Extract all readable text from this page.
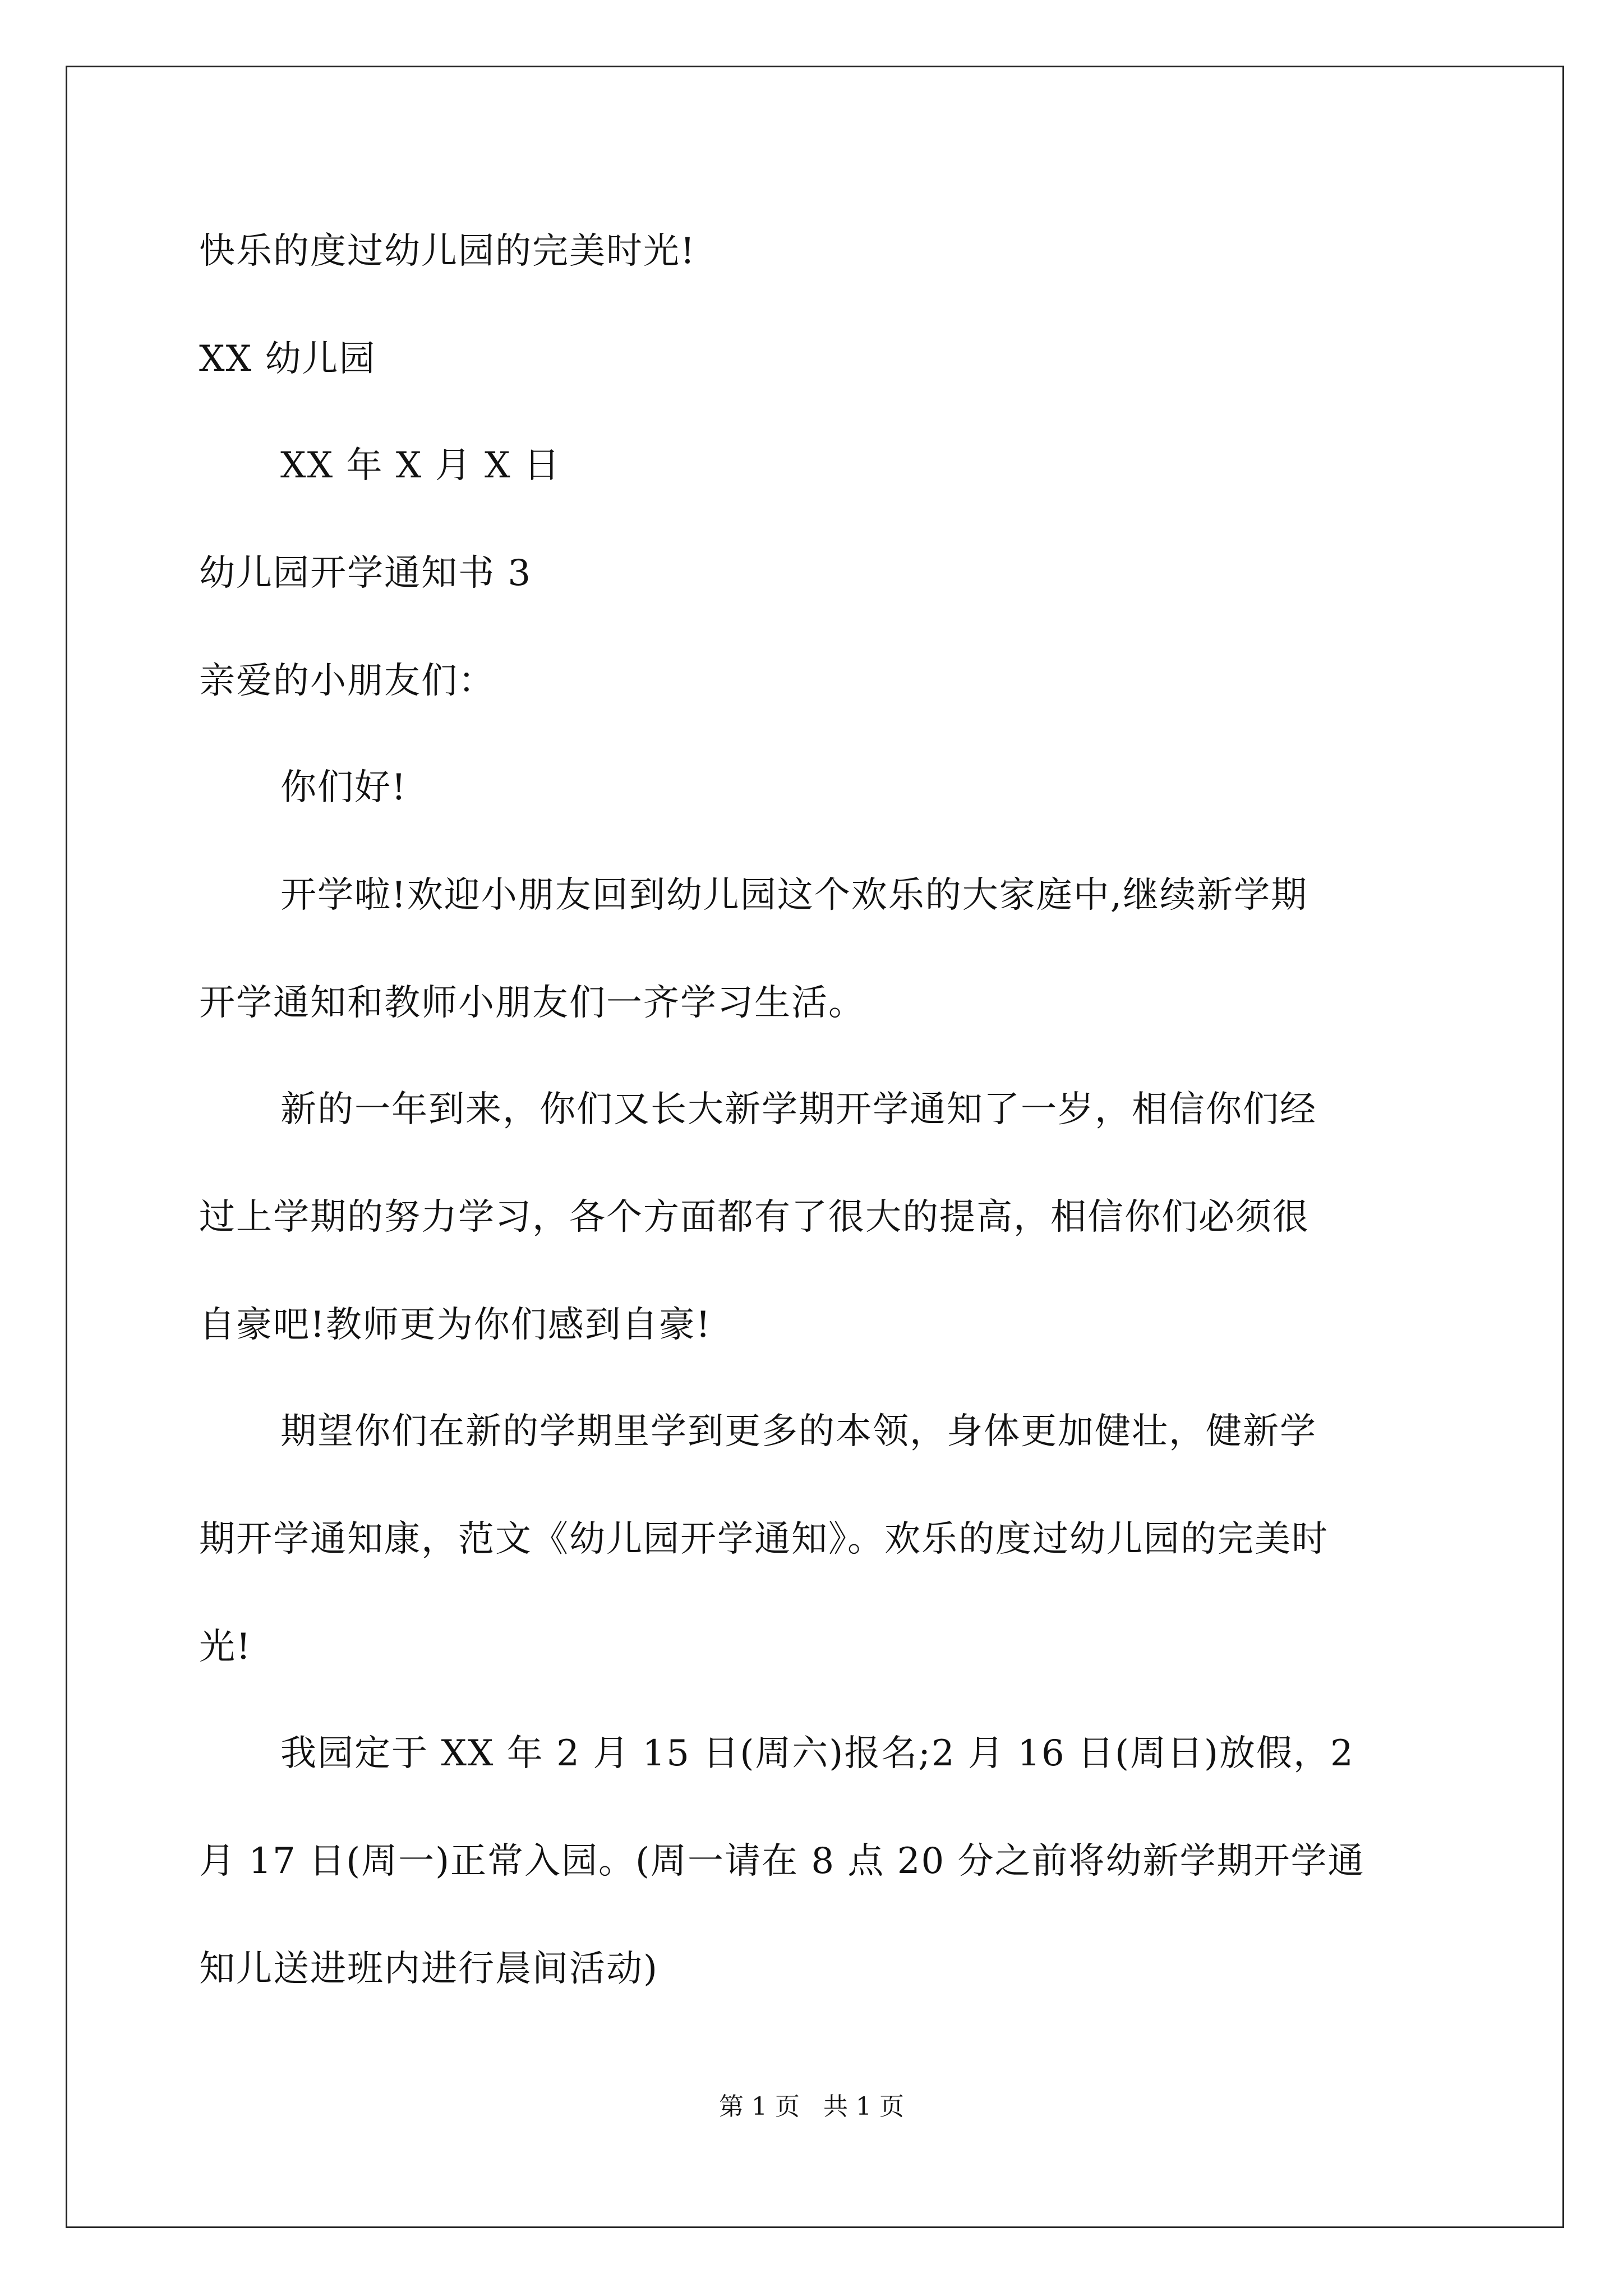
快乐的度过幼儿园的完美时光!
XX 幼儿园
XX 年 X 月 X 日
幼儿园开学通知书 3
亲爱的小朋友们：
你们好!
开学啦!欢迎小朋友回到幼儿园这个欢乐的大家庭中,继续新学期
开学通知和教师小朋友们一齐学习生活。
新的一年到来，你们又长大新学期开学通知了一岁，相信你们经
过上学期的努力学习，各个方面都有了很大的提高，相信你们必须很
自豪吧!教师更为你们感到自豪!
期望你们在新的学期里学到更多的本领，身体更加健壮，健新学
期开学通知康，范文《幼儿园开学通知》。欢乐的度过幼儿园的完美时
光!
我园定于 XX 年 2 月 15 日(周六)报名;2 月 16 日(周日)放假，2
月 17 日(周一)正常入园。(周一请在 8 点 20 分之前将幼新学期开学通
知儿送进班内进行晨间活动)
第 1 页   共 1 页
